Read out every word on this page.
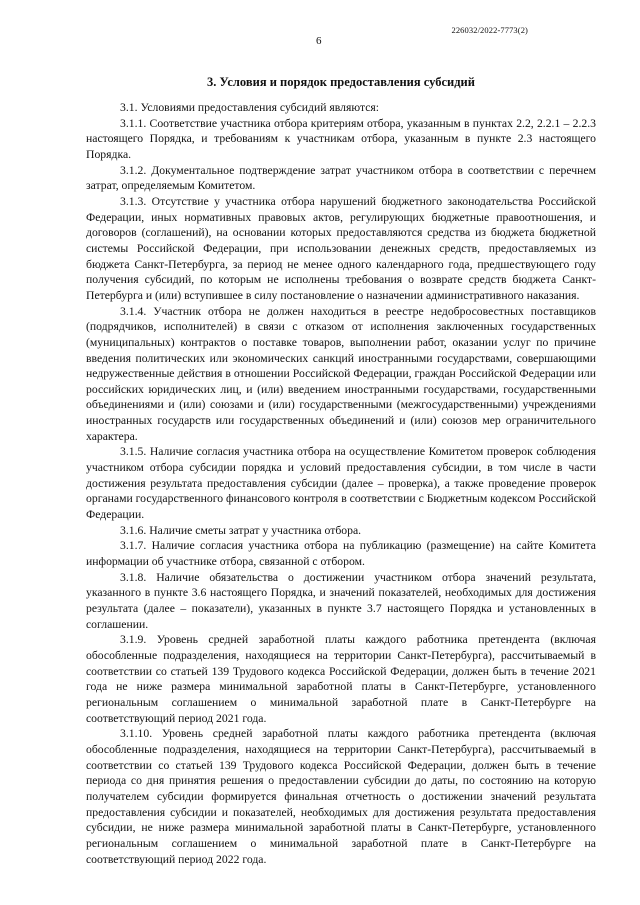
226032/2022-7773(2)
6
3. Условия и порядок предоставления субсидий

3.1. Условиями предоставления субсидий являются:

3.1.1. Соответствие участника отбора критериям отбора, указанным в пунктах 2.2, 2.2.1 – 2.2.3 настоящего Порядка, и требованиям к участникам отбора, указанным в пункте 2.3 настоящего Порядка.

3.1.2. Документальное подтверждение затрат участником отбора в соответствии с перечнем затрат, определяемым Комитетом.

3.1.3. Отсутствие у участника отбора нарушений бюджетного законодательства Российской Федерации, иных нормативных правовых актов, регулирующих бюджетные правоотношения, и договоров (соглашений), на основании которых предоставляются средства из бюджета бюджетной системы Российской Федерации, при использовании денежных средств, предоставляемых из бюджета Санкт-Петербурга, за период не менее одного календарного года, предшествующего году получения субсидий, по которым не исполнены требования о возврате средств бюджета Санкт-Петербурга и (или) вступившее в силу постановление о назначении административного наказания.

3.1.4. Участник отбора не должен находиться в реестре недобросовестных поставщиков (подрядчиков, исполнителей) в связи с отказом от исполнения заключенных государственных (муниципальных) контрактов о поставке товаров, выполнении работ, оказании услуг по причине введения политических или экономических санкций иностранными государствами, совершающими недружественные действия в отношении Российской Федерации, граждан Российской Федерации или российских юридических лиц, и (или) введением иностранными государствами, государственными объединениями и (или) союзами и (или) государственными (межгосударственными) учреждениями иностранных государств или государственных объединений и (или) союзов мер ограничительного характера.

3.1.5. Наличие согласия участника отбора на осуществление Комитетом проверок соблюдения участником отбора субсидии порядка и условий предоставления субсидии, в том числе в части достижения результата предоставления субсидии (далее – проверка), а также проведение проверок органами государственного финансового контроля в соответствии с Бюджетным кодексом Российской Федерации.

3.1.6. Наличие сметы затрат у участника отбора.

3.1.7. Наличие согласия участника отбора на публикацию (размещение) на сайте Комитета информации об участнике отбора, связанной с отбором.

3.1.8. Наличие обязательства о достижении участником отбора значений результата, указанного в пункте 3.6 настоящего Порядка, и значений показателей, необходимых для достижения результата (далее – показатели), указанных в пункте 3.7 настоящего Порядка и установленных в соглашении.

3.1.9. Уровень средней заработной платы каждого работника претендента (включая обособленные подразделения, находящиеся на территории Санкт-Петербурга), рассчитываемый в соответствии со статьей 139 Трудового кодекса Российской Федерации, должен быть в течение 2021 года не ниже размера минимальной заработной платы в Санкт-Петербурге, установленного региональным соглашением о минимальной заработной плате в Санкт-Петербурге на соответствующий период 2021 года.

3.1.10. Уровень средней заработной платы каждого работника претендента (включая обособленные подразделения, находящиеся на территории Санкт-Петербурга), рассчитываемый в соответствии со статьей 139 Трудового кодекса Российской Федерации, должен быть в течение периода со дня принятия решения о предоставлении субсидии до даты, по состоянию на которую получателем субсидии формируется финальная отчетность о достижении значений результата предоставления субсидии и показателей, необходимых для достижения результата предоставления субсидии, не ниже размера минимальной заработной платы в Санкт-Петербурге, установленного региональным соглашением о минимальной заработной плате в Санкт-Петербурге на соответствующий период 2022 года.
